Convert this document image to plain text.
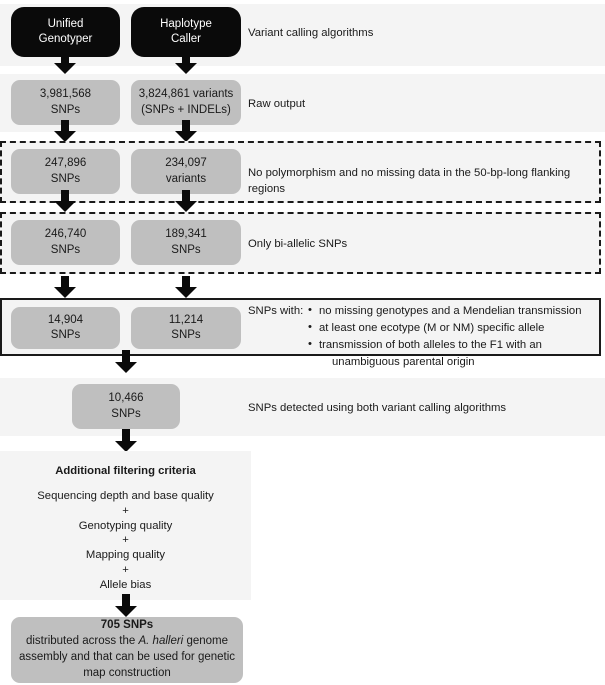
Unified
Genotyper
Haplotype
Caller	Variant calling algorithms
3,981,568
SNPs
3,824,861 variants
(SNPs + INDELs)	Raw output
247,896
SNPs
234,097
variants	No polymorphism and no missing data in the 50-bp-long flanking regions
246,740
SNPs
189,341
SNPs	Only bi-allelic SNPs
14,904
SNPs
11,214
SNPs
SNPs with:	• no missing genotypes and a Mendelian transmission
• at least one ecotype (M or NM) specific allele
• transmission of both alleles to the F1 with an
unambiguous parental origin
10,466
SNPs	SNPs detected using both variant calling algorithms
Additional filtering criteria
Sequencing depth and base quality
+
Genotyping quality
+
Mapping quality
+
Allele bias
705 SNPs
distributed across the A. halleri genome
assembly and that can be used for genetic
map construction
